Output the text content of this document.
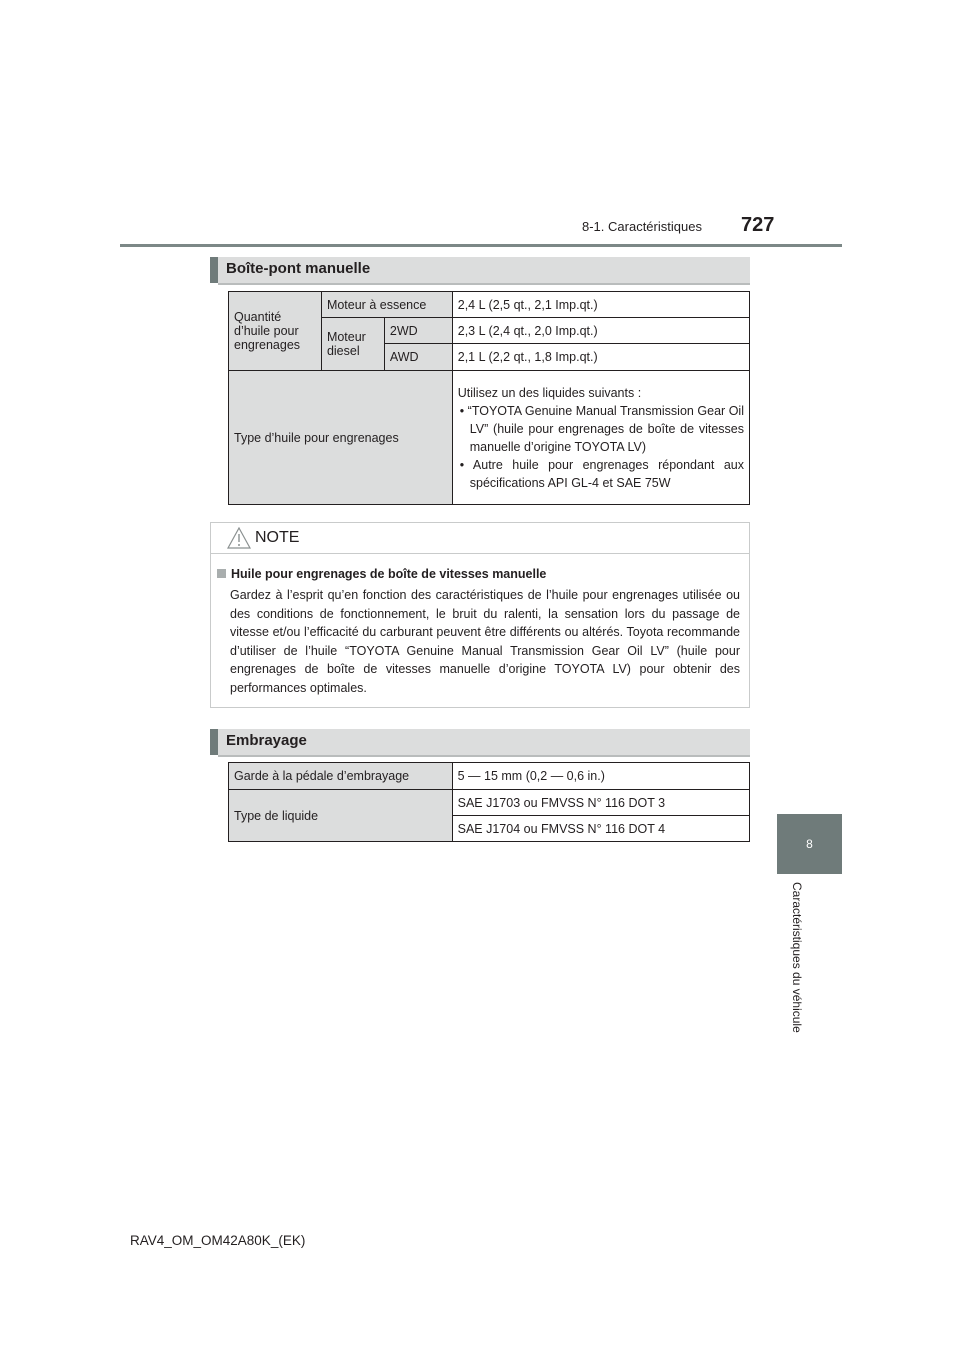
8-1. Caractéristiques 727
8
Caractéristiques du véhicule
Boîte-pont manuelle
Quantité d’huile pour engrenages	Moteur à essence		2,4 L (2,5 qt., 2,1 Imp.qt.)
	Moteur diesel	2WD	2,3 L (2,4 qt., 2,0 Imp.qt.)
		AWD	2,1 L (2,2 qt., 1,8 Imp.qt.)
Type d’huile pour engrenages			Utilisez un des liquides suivants :
• “TOYOTA Genuine Manual Transmission Gear Oil LV” (huile pour engrenages de boîte de vitesses manuelle d’origine TOYOTA LV)
• Autre huile pour engrenages répondant aux spécifications API GL-4 et SAE 75W
NOTE
Huile pour engrenages de boîte de vitesses manuelle
Gardez à l’esprit qu’en fonction des caractéristiques de l’huile pour engrenages utilisée ou des conditions de fonctionnement, le bruit du ralenti, la sensation lors du passage de vitesse et/ou l’efficacité du carburant peuvent être différents ou altérés. Toyota recommande d’utiliser de l’huile “TOYOTA Genuine Manual Transmission Gear Oil LV” (huile pour engrenages de boîte de vitesses manuelle d’origine TOYOTA LV) pour obtenir des performances optimales.
Embrayage
Garde à la pédale d’embrayage	5 — 15 mm (0,2 — 0,6 in.)
Type de liquide	SAE J1703 ou FMVSS N° 116 DOT 3
	SAE J1704 ou FMVSS N° 116 DOT 4
RAV4_OM_OM42A80K_(EK)
